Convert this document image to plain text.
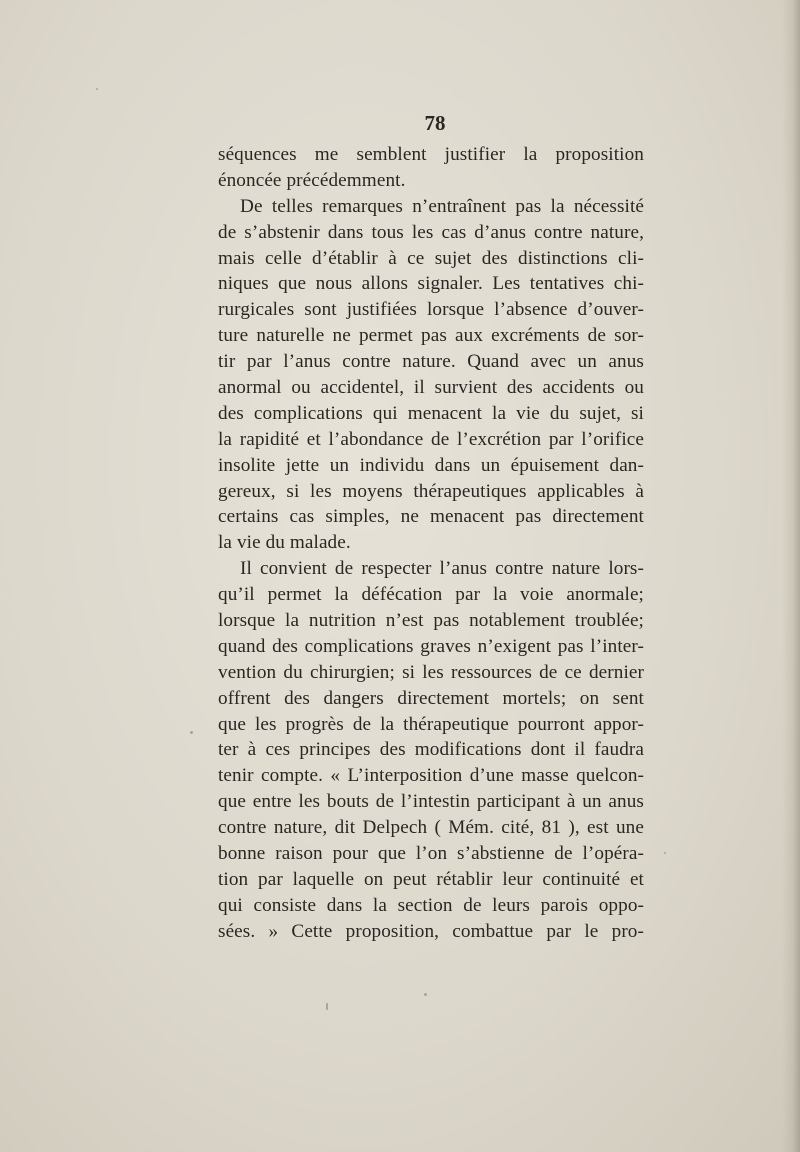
78
séquences me semblent justifier la proposition
énoncée précédemment.
De telles remarques n’entraînent pas la nécessité
de s’abstenir dans tous les cas d’anus contre nature,
mais celle d’établir à ce sujet des distinctions cli-
niques que nous allons signaler. Les tentatives chi-
rurgicales sont justifiées lorsque l’absence d’ouver-
ture naturelle ne permet pas aux excréments de sor-
tir par l’anus contre nature. Quand avec un anus
anormal ou accidentel, il survient des accidents ou
des complications qui menacent la vie du sujet, si
la rapidité et l’abondance de l’excrétion par l’orifice
insolite jette un individu dans un épuisement dan-
gereux, si les moyens thérapeutiques applicables à
certains cas simples, ne menacent pas directement
la vie du malade.
Il convient de respecter l’anus contre nature lors-
qu’il permet la défécation par la voie anormale;
lorsque la nutrition n’est pas notablement troublée;
quand des complications graves n’exigent pas l’inter-
vention du chirurgien; si les ressources de ce dernier
offrent des dangers directement mortels; on sent
que les progrès de la thérapeutique pourront appor-
ter à ces principes des modifications dont il faudra
tenir compte. « L’interposition d’une masse quelcon-
que entre les bouts de l’intestin participant à un anus
contre nature, dit Delpech ( Mém. cité, 81 ), est une
bonne raison pour que l’on s’abstienne de l’opéra-
tion par laquelle on peut rétablir leur continuité et
qui consiste dans la section de leurs parois oppo-
sées. » Cette proposition, combattue par le pro-
